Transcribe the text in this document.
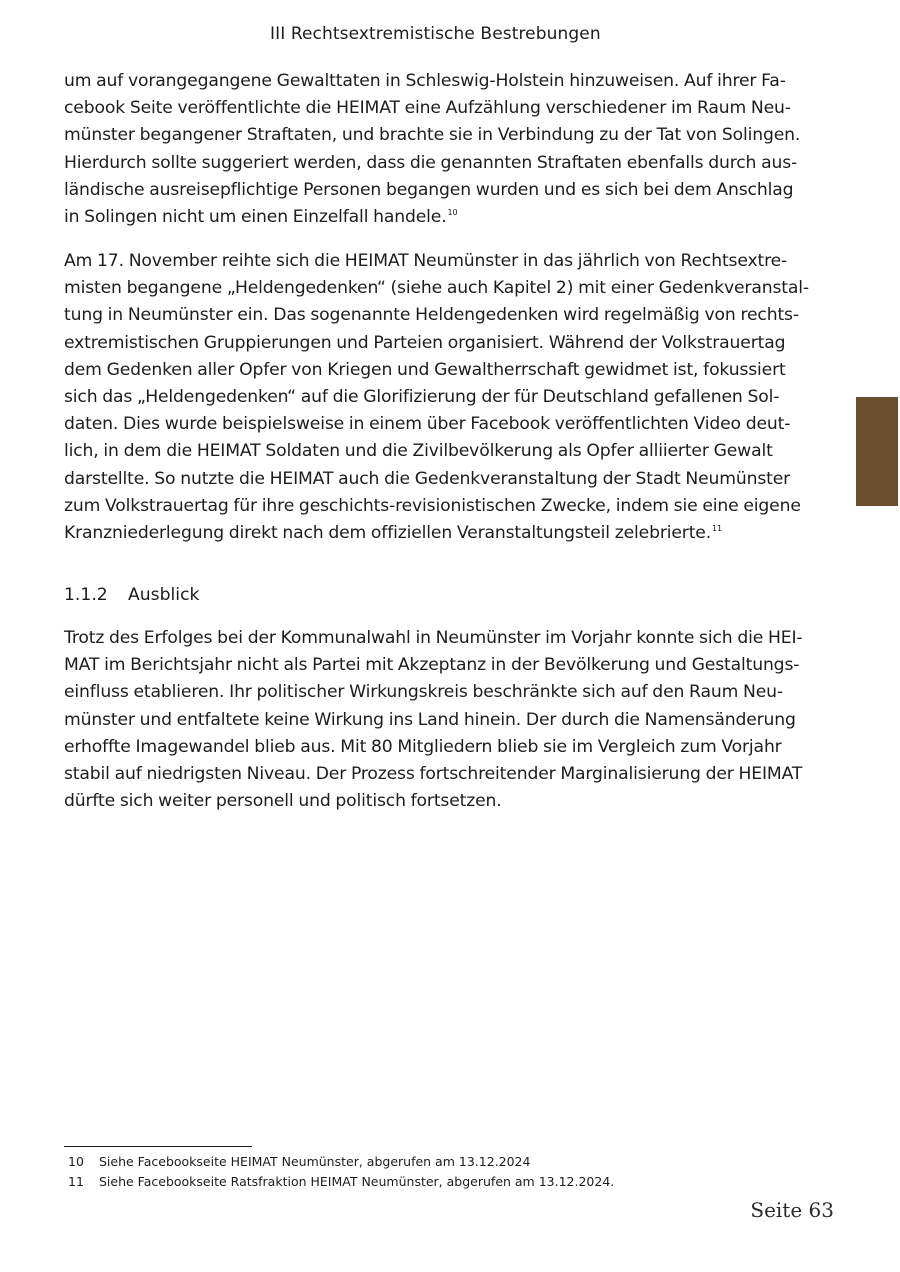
III Rechtsextremistische Bestrebungen
um auf vorangegangene Gewalttaten in Schleswig-Holstein hinzuweisen. Auf ihrer Fa-
cebook Seite veröffentlichte die HEIMAT eine Aufzählung verschiedener im Raum Neu-
münster begangener Straftaten, und brachte sie in Verbindung zu der Tat von Solingen.
Hierdurch sollte suggeriert werden, dass die genannten Straftaten ebenfalls durch aus-
ländische ausreisepflichtige Personen begangen wurden und es sich bei dem Anschlag
in Solingen nicht um einen Einzelfall handele.$^{10}$
Am 17. November reihte sich die HEIMAT Neumünster in das jährlich von Rechtsextre-
misten begangene „Heldengedenken“ (siehe auch Kapitel 2) mit einer Gedenkveranstal-
tung in Neumünster ein. Das sogenannte Heldengedenken wird regelmäßig von rechts-
extremistischen Gruppierungen und Parteien organisiert. Während der Volkstrauertag
dem Gedenken aller Opfer von Kriegen und Gewaltherrschaft gewidmet ist, fokussiert
sich das „Heldengedenken“ auf die Glorifizierung der für Deutschland gefallenen Sol-
daten. Dies wurde beispielsweise in einem über Facebook veröffentlichten Video deut-
lich, in dem die HEIMAT Soldaten und die Zivilbevölkerung als Opfer alliierter Gewalt
darstellte. So nutzte die HEIMAT auch die Gedenkveranstaltung der Stadt Neumünster
zum Volkstrauertag für ihre geschichts-revisionistischen Zwecke, indem sie eine eigene
Kranzniederlegung direkt nach dem offiziellen Veranstaltungsteil zelebrierte.$^{11}$
1.1.2 Ausblick
Trotz des Erfolges bei der Kommunalwahl in Neumünster im Vorjahr konnte sich die HEI-
MAT im Berichtsjahr nicht als Partei mit Akzeptanz in der Bevölkerung und Gestaltungs-
einfluss etablieren. Ihr politischer Wirkungskreis beschränkte sich auf den Raum Neu-
münster und entfaltete keine Wirkung ins Land hinein. Der durch die Namensänderung
erhoffte Imagewandel blieb aus. Mit 80 Mitgliedern blieb sie im Vergleich zum Vorjahr
stabil auf niedrigsten Niveau. Der Prozess fortschreitender Marginalisierung der HEIMAT
dürfte sich weiter personell und politisch fortsetzen.
10 Siehe Facebookseite HEIMAT Neumünster, abgerufen am 13.12.2024
11 Siehe Facebookseite Ratsfraktion HEIMAT Neumünster, abgerufen am 13.12.2024.
Seite 63
